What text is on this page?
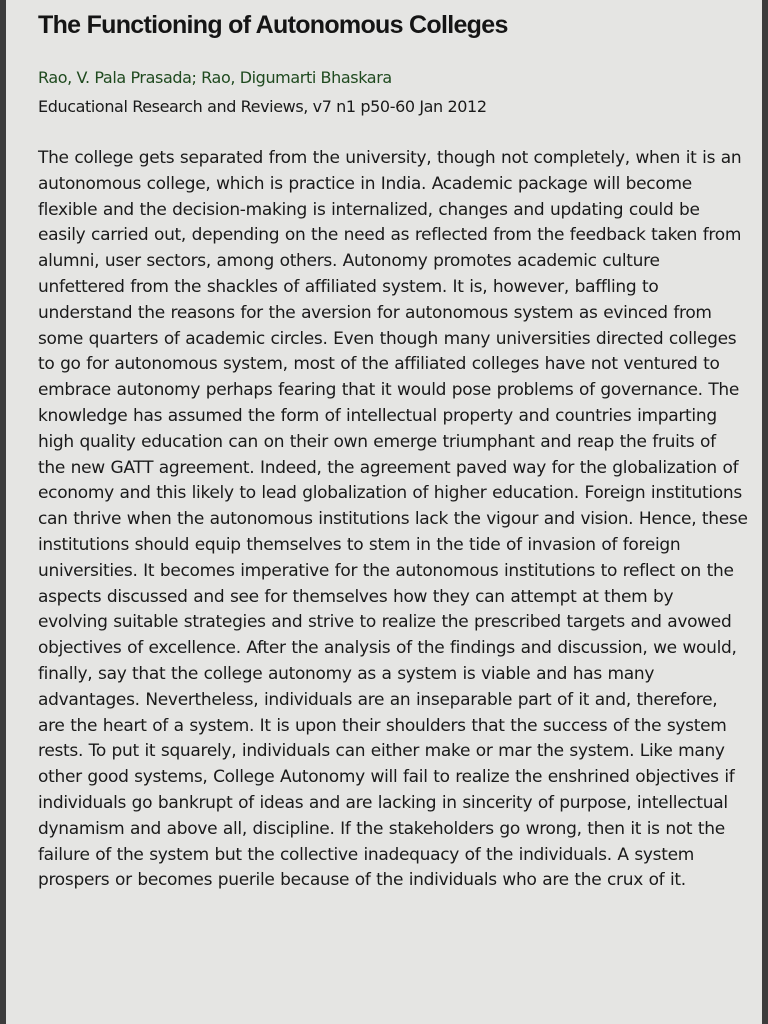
The Functioning of Autonomous Colleges

Rao, V. Pala Prasada; Rao, Digumarti Bhaskara

Educational Research and Reviews, v7 n1 p50-60 Jan 2012

The college gets separated from the university, though not completely, when it is an autonomous college, which is practice in India. Academic package will become flexible and the decision-making is internalized, changes and updating could be easily carried out, depending on the need as reflected from the feedback taken from alumni, user sectors, among others. Autonomy promotes academic culture unfettered from the shackles of affiliated system. It is, however, baffling to understand the reasons for the aversion for autonomous system as evinced from some quarters of academic circles. Even though many universities directed colleges to go for autonomous system, most of the affiliated colleges have not ventured to embrace autonomy perhaps fearing that it would pose problems of governance. The knowledge has assumed the form of intellectual property and countries imparting high quality education can on their own emerge triumphant and reap the fruits of the new GATT agreement. Indeed, the agreement paved way for the globalization of economy and this likely to lead globalization of higher education. Foreign institutions can thrive when the autonomous institutions lack the vigour and vision. Hence, these institutions should equip themselves to stem in the tide of invasion of foreign universities. It becomes imperative for the autonomous institutions to reflect on the aspects discussed and see for themselves how they can attempt at them by evolving suitable strategies and strive to realize the prescribed targets and avowed objectives of excellence. After the analysis of the findings and discussion, we would, finally, say that the college autonomy as a system is viable and has many advantages. Nevertheless, individuals are an inseparable part of it and, therefore, are the heart of a system. It is upon their shoulders that the success of the system rests. To put it squarely, individuals can either make or mar the system. Like many other good systems, College Autonomy will fail to realize the enshrined objectives if individuals go bankrupt of ideas and are lacking in sincerity of purpose, intellectual dynamism and above all, discipline. If the stakeholders go wrong, then it is not the failure of the system but the collective inadequacy of the individuals. A system prospers or becomes puerile because of the individuals who are the crux of it.
